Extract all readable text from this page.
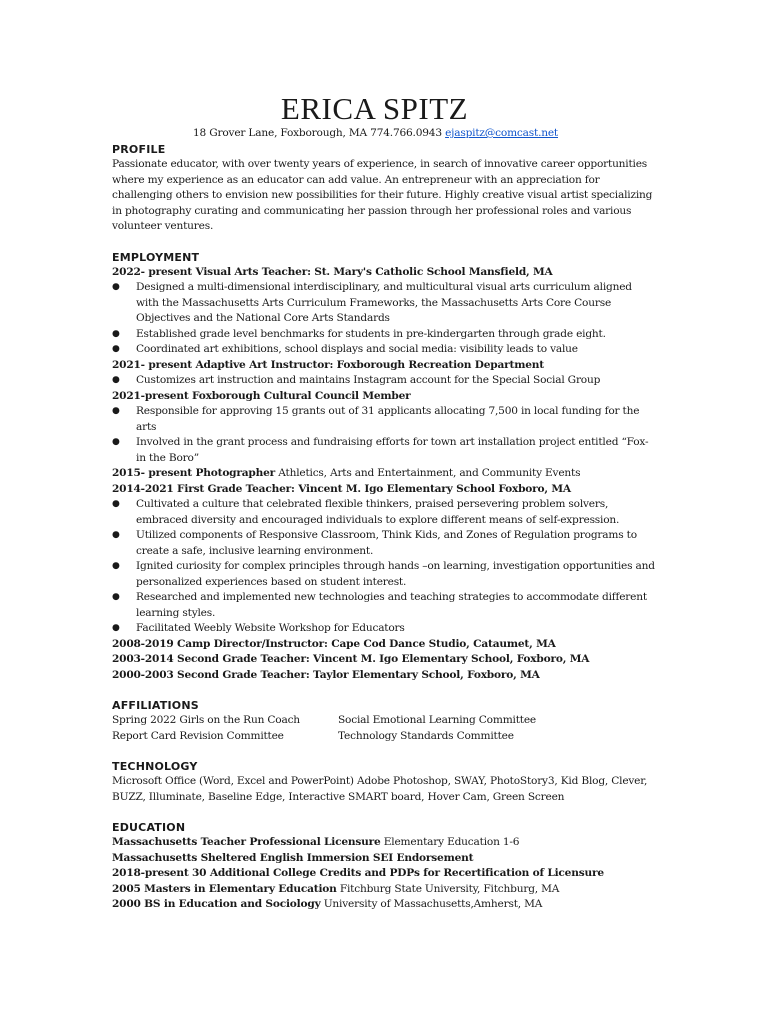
ERICA SPITZ
18 Grover Lane, Foxborough, MA 774.766.0943 ejaspitz@comcast.net
PROFILE

Passionate educator, with over twenty years of experience, in search of innovative career opportunities where my experience as an educator can add value. An entrepreneur with an appreciation for challenging others to envision new possibilities for their future. Highly creative visual artist specializing in photography curating and communicating her passion through her professional roles and various volunteer ventures.

EMPLOYMENT
2022- present Visual Arts Teacher: St. Mary's Catholic School Mansfield, MA
● Designed a multi-dimensional interdisciplinary, and multicultural visual arts curriculum aligned with the Massachusetts Arts Curriculum Frameworks, the Massachusetts Arts Core Course Objectives and the National Core Arts Standards
● Established grade level benchmarks for students in pre-kindergarten through grade eight.
● Coordinated art exhibitions, school displays and social media: visibility leads to value
2021- present Adaptive Art Instructor: Foxborough Recreation Department
● Customizes art instruction and maintains Instagram account for the Special Social Group
2021-present Foxborough Cultural Council Member
● Responsible for approving 15 grants out of 31 applicants allocating 7,500 in local funding for the arts
● Involved in the grant process and fundraising efforts for town art installation project entitled “Fox-in the Boro”
2015- present Photographer Athletics, Arts and Entertainment, and Community Events
2014-2021 First Grade Teacher: Vincent M. Igo Elementary School Foxboro, MA
● Cultivated a culture that celebrated flexible thinkers, praised persevering problem solvers, embraced diversity and encouraged individuals to explore different means of self-expression.
● Utilized components of Responsive Classroom, Think Kids, and Zones of Regulation programs to create a safe, inclusive learning environment.
● Ignited curiosity for complex principles through hands –on learning, investigation opportunities and personalized experiences based on student interest.
● Researched and implemented new technologies and teaching strategies to accommodate different learning styles.
● Facilitated Weebly Website Workshop for Educators
2008-2019 Camp Director/Instructor: Cape Cod Dance Studio, Cataumet, MA
2003-2014 Second Grade Teacher: Vincent M. Igo Elementary School, Foxboro, MA
2000-2003 Second Grade Teacher: Taylor Elementary School, Foxboro, MA
AFFILIATIONS
Spring 2022 Girls on the Run Coach	Social Emotional Learning Committee
Report Card Revision Committee	Technology Standards Committee
TECHNOLOGY

Microsoft Office (Word, Excel and PowerPoint) Adobe Photoshop, SWAY, PhotoStory3, Kid Blog, Clever, BUZZ, Illuminate, Baseline Edge, Interactive SMART board, Hover Cam, Green Screen

EDUCATION
Massachusetts Teacher Professional Licensure Elementary Education 1-6
Massachusetts Sheltered English Immersion SEI Endorsement
2018-present 30 Additional College Credits and PDPs for Recertification of Licensure
2005 Masters in Elementary Education Fitchburg State University, Fitchburg, MA
2000 BS in Education and Sociology University of Massachusetts,Amherst, MA
